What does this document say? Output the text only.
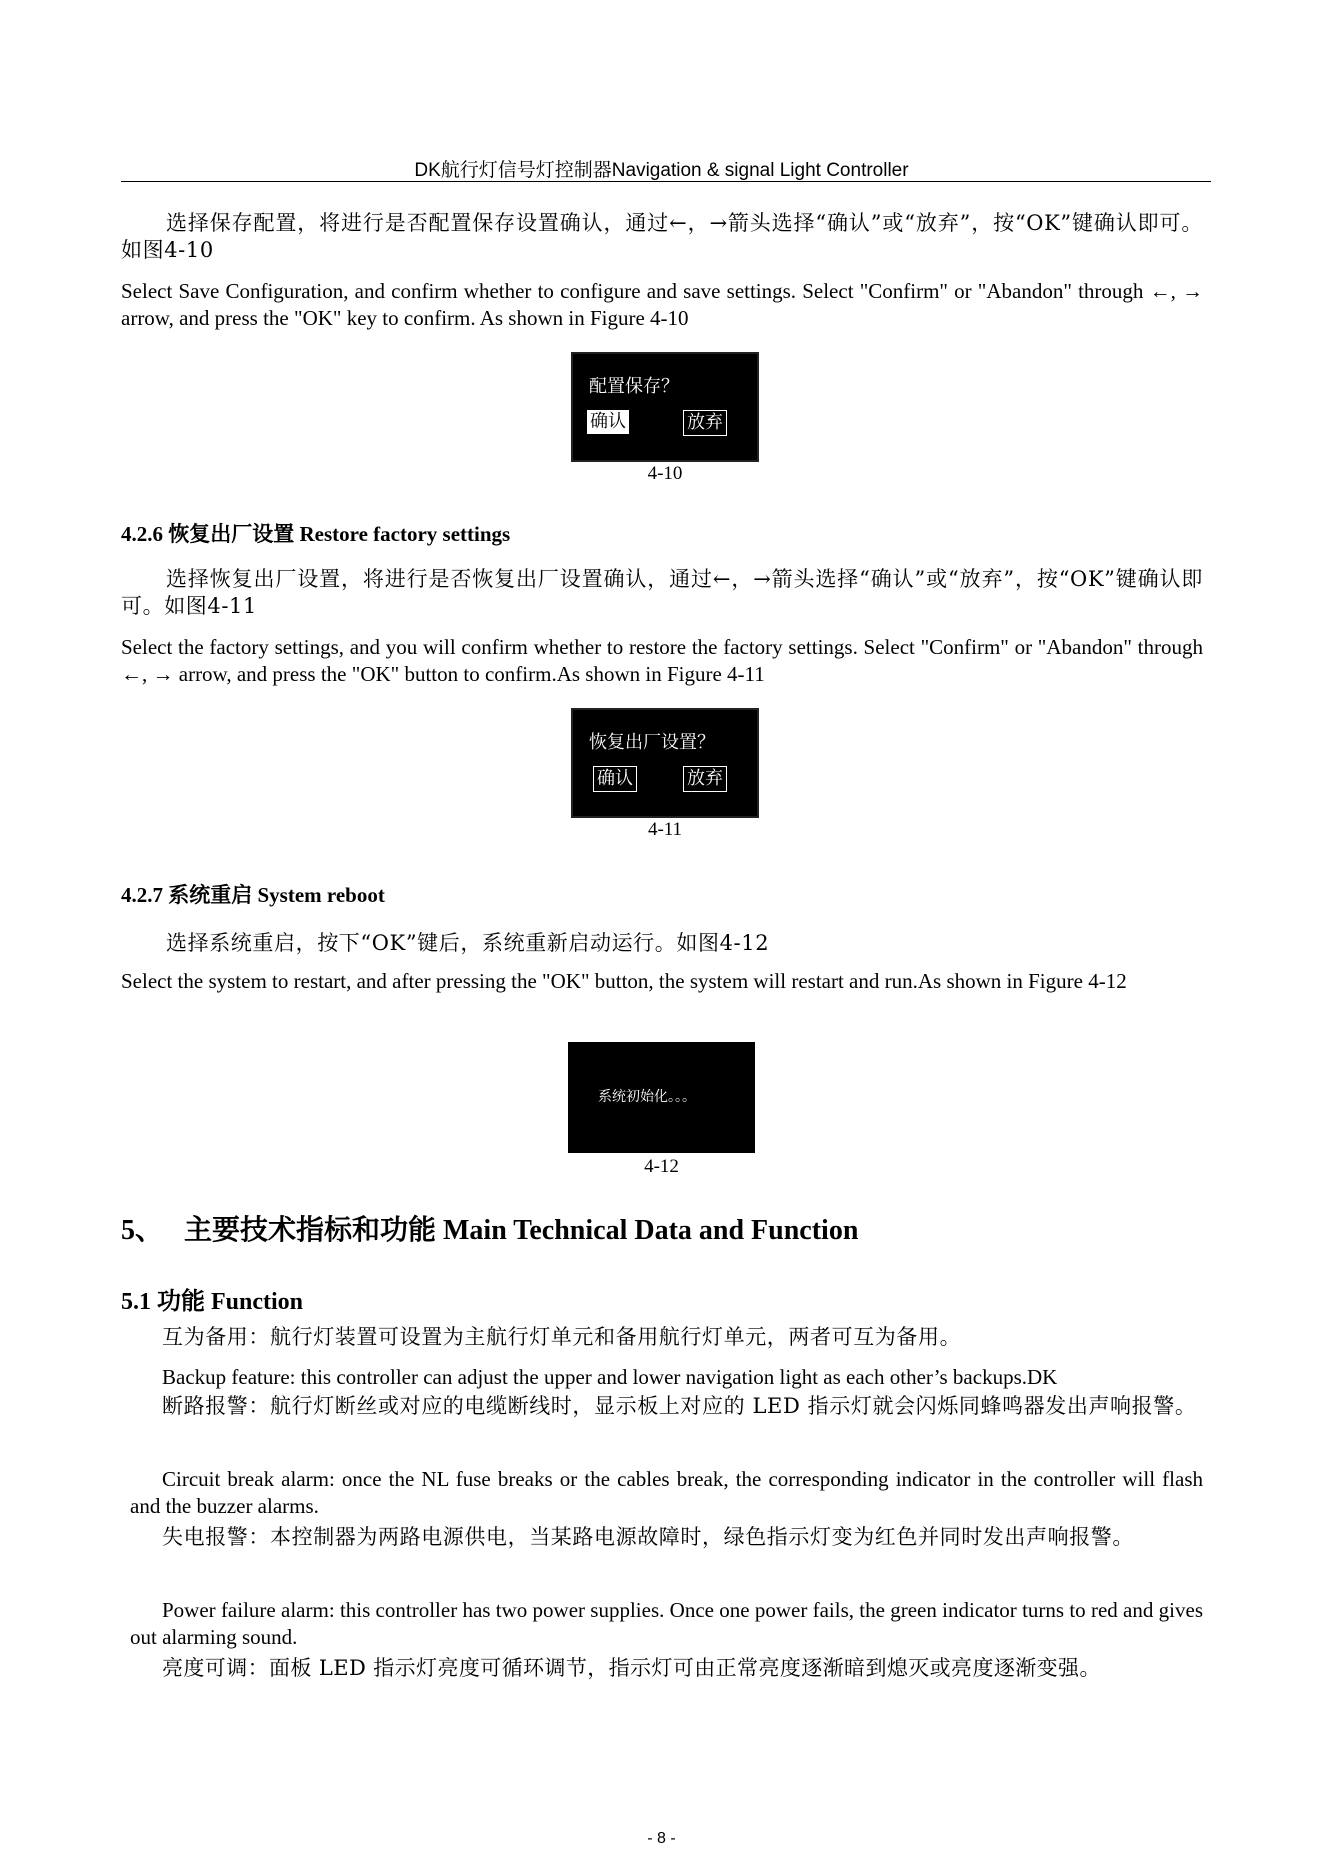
DK航行灯信号灯控制器Navigation & signal Light Controller
选择保存配置，将进行是否配置保存设置确认，通过←，→箭头选择“确认”或“放弃”，按“OK”键确认即可。如图4-10
Select Save Configuration, and confirm whether to configure and save settings. Select "Confirm" or "Abandon" through ←, → arrow, and press the "OK" key to confirm. As shown in Figure 4-10
配置保存？
确认	放弃
4-10
4.2.6 恢复出厂设置 Restore factory settings
选择恢复出厂设置，将进行是否恢复出厂设置确认，通过←，→箭头选择“确认”或“放弃”，按“OK”键确认即可。如图4-11
Select the factory settings, and you will confirm whether to restore the factory settings. Select "Confirm" or "Abandon" through ←, → arrow, and press the "OK" button to confirm.As shown in Figure 4-11
恢复出厂设置？
确认	放弃
4-11
4.2.7 系统重启 System reboot
选择系统重启，按下“OK”键后，系统重新启动运行。如图4-12
Select the system to restart, and after pressing the "OK" button, the system will restart and run.As shown in Figure 4-12
系统初始化。。。
4-12
5、   主要技术指标和功能 Main Technical Data and Function
5.1 功能 Function
互为备用：航行灯装置可设置为主航行灯单元和备用航行灯单元，两者可互为备用。
Backup feature: this controller can adjust the upper and lower navigation light as each other’s backups.DK
断路报警：航行灯断丝或对应的电缆断线时，显示板上对应的 LED 指示灯就会闪烁同蜂鸣器发出声响报警。
Circuit break alarm: once the NL fuse breaks or the cables break, the corresponding indicator in the controller will flash and the buzzer alarms.
失电报警：本控制器为两路电源供电，当某路电源故障时，绿色指示灯变为红色并同时发出声响报警。
Power failure alarm: this controller has two power supplies. Once one power fails, the green indicator turns to red and gives out alarming sound.
亮度可调：面板 LED 指示灯亮度可循环调节，指示灯可由正常亮度逐渐暗到熄灭或亮度逐渐变强。
- 8 -
